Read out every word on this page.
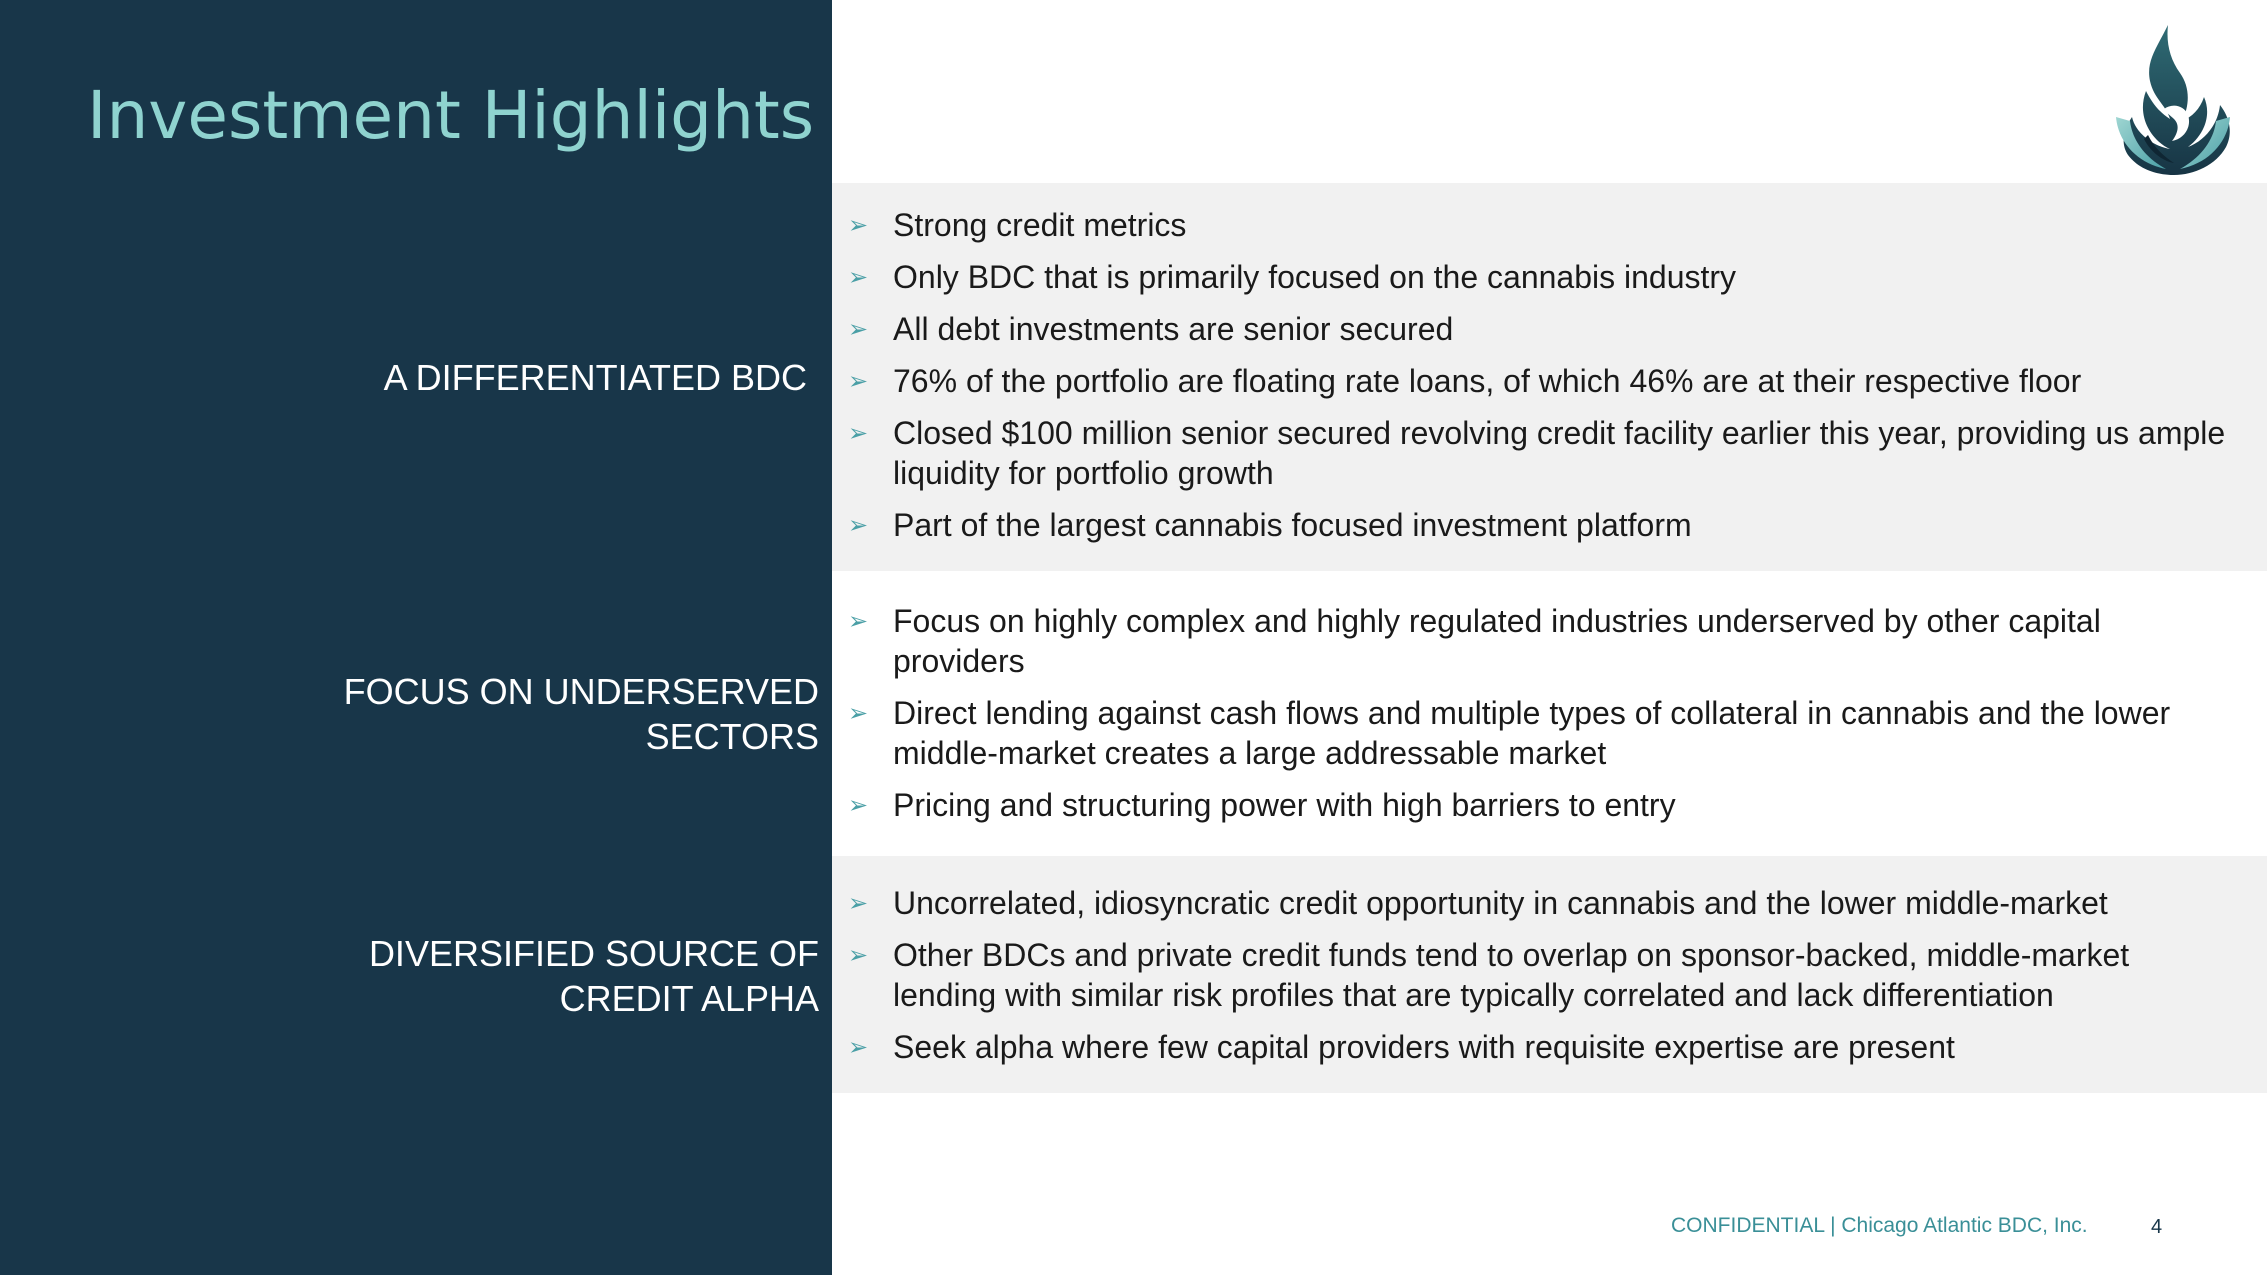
Investment Highlights
A DIFFERENTIATED BDC
FOCUS ON UNDERSERVED
SECTORS
DIVERSIFIED SOURCE OF
CREDIT ALPHA
➢ Strong credit metrics
➢ Only BDC that is primarily focused on the cannabis industry
➢ All debt investments are senior secured
➢ 76% of the portfolio are floating rate loans, of which 46% are at their respective floor
➢ Closed $100 million senior secured revolving credit facility earlier this year, providing us ample liquidity for portfolio growth
➢ Part of the largest cannabis focused investment platform
➢ Focus on highly complex and highly regulated industries underserved by other capital providers
➢ Direct lending against cash flows and multiple types of collateral in cannabis and the lower middle-market creates a large addressable market
➢ Pricing and structuring power with high barriers to entry
➢ Uncorrelated, idiosyncratic credit opportunity in cannabis and the lower middle-market
➢ Other BDCs and private credit funds tend to overlap on sponsor-backed, middle-market lending with similar risk profiles that are typically correlated and lack differentiation
➢ Seek alpha where few capital providers with requisite expertise are present
CONFIDENTIAL | Chicago Atlantic BDC, Inc.	4
